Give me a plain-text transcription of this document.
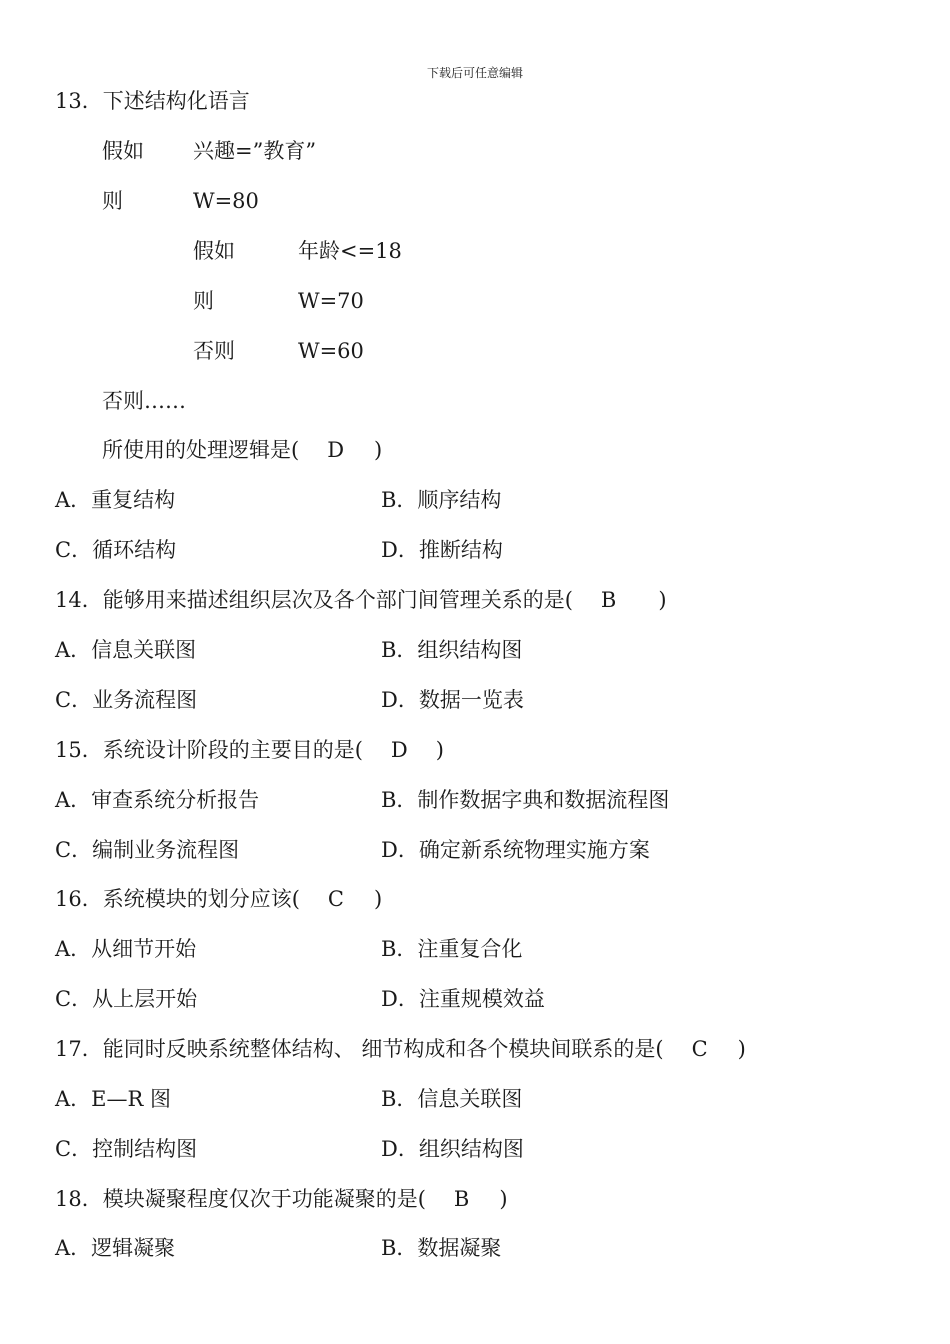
下载后可任意编辑
13．下述结构化语言
假如 兴趣=”教育”
则	W=80
假如	年龄<=18
则	W=70
否则	W=60
否则……
所使用的处理逻辑是( D )
A．重复结构	B．顺序结构
C．循环结构	D．推断结构
14．能够用来描述组织层次及各个部门间管理关系的是( B )
A．信息关联图	B．组织结构图
C．业务流程图	D．数据一览表
15．系统设计阶段的主要目的是( D )
A．审查系统分析报告	B．制作数据字典和数据流程图
C．编制业务流程图	D．确定新系统物理实施方案
16．系统模块的划分应该( C )
A．从细节开始	B．注重复合化
C．从上层开始	D．注重规模效益
17．能同时反映系统整体结构、 细节构成和各个模块间联系的是( C )
A．E—R 图	B．信息关联图
C．控制结构图	D．组织结构图
18．模块凝聚程度仅次于功能凝聚的是( B )
A．逻辑凝聚	B．数据凝聚
